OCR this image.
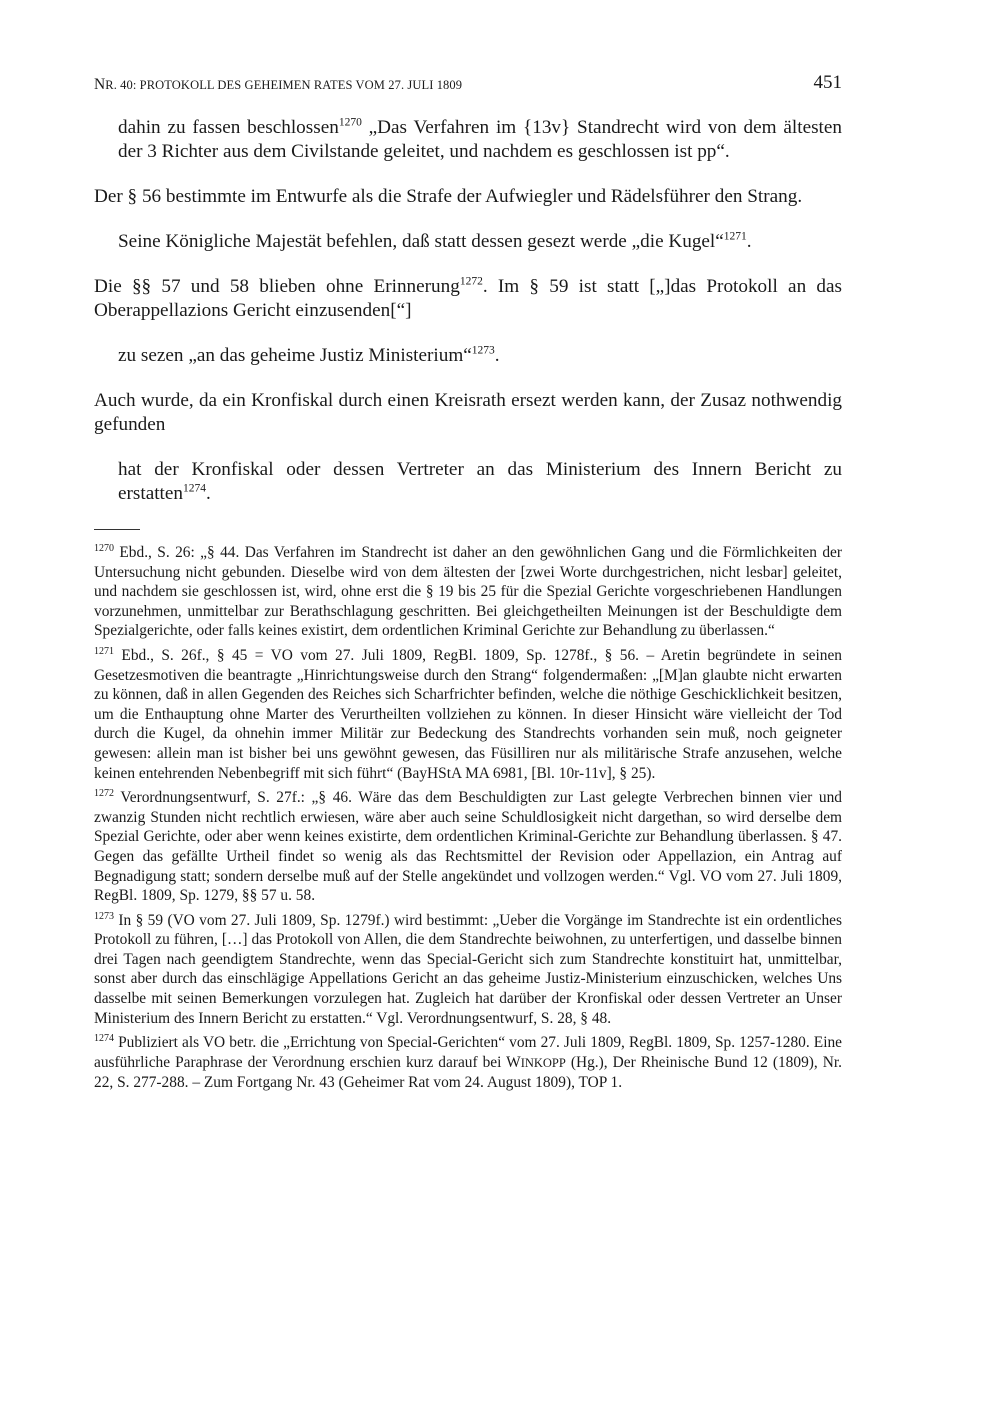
NR. 40: PROTOKOLL DES GEHEIMEN RATES VOM 27. JULI 1809	451

dahin zu fassen beschlossen$^{1270}$ „Das Verfahren im {13v} Standrecht wird von dem ältesten der 3 Richter aus dem Civilstande geleitet, und nachdem es geschlossen ist pp“.

Der § 56 bestimmte im Entwurfe als die Strafe der Aufwiegler und Rädelsführer den Strang.

Seine Königliche Majestät befehlen, daß statt dessen gesezt werde „die Kugel“$^{1271}$.

Die §§ 57 und 58 blieben ohne Erinnerung$^{1272}$. Im § 59 ist statt [„]das Protokoll an das Oberappellazions Gericht einzusenden[“]

zu sezen „an das geheime Justiz Ministerium“$^{1273}$.

Auch wurde, da ein Kronfiskal durch einen Kreisrath ersezt werden kann, der Zusaz nothwendig gefunden

hat der Kronfiskal oder dessen Vertreter an das Ministerium des Innern Bericht zu erstatten$^{1274}$.

$^{1270}$ Ebd., S. 26: „§ 44. Das Verfahren im Standrecht ist daher an den gewöhnlichen Gang und die Förmlichkeiten der Untersuchung nicht gebunden. Dieselbe wird von dem ältesten der [zwei Worte durchgestrichen, nicht lesbar] geleitet, und nachdem sie geschlossen ist, wird, ohne erst die § 19 bis 25 für die Spezial Gerichte vorgeschriebenen Handlungen vorzunehmen, unmittelbar zur Berathschlagung geschritten. Bei gleichgetheilten Meinungen ist der Beschuldigte dem Spezialgerichte, oder falls keines existirt, dem ordentlichen Kriminal Gerichte zur Behandlung zu überlassen.“

$^{1271}$ Ebd., S. 26f., § 45 = VO vom 27. Juli 1809, RegBl. 1809, Sp. 1278f., § 56. – Aretin begründete in seinen Gesetzesmotiven die beantragte „Hinrichtungsweise durch den Strang“ folgendermaßen: „[M]an glaubte nicht erwarten zu können, daß in allen Gegenden des Reiches sich Scharfrichter befinden, welche die nöthige Geschicklichkeit besitzen, um die Enthauptung ohne Marter des Verurtheilten vollziehen zu können. In dieser Hinsicht wäre vielleicht der Tod durch die Kugel, da ohnehin immer Militär zur Bedeckung des Standrechts vorhanden sein muß, noch geigneter gewesen: allein man ist bisher bei uns gewöhnt gewesen, das Füsilliren nur als militärische Strafe anzusehen, welche keinen entehrenden Nebenbegriff mit sich führt“ (BayHStA MA 6981, [Bl. 10r-11v], § 25).

$^{1272}$ Verordnungsentwurf, S. 27f.: „§ 46. Wäre das dem Beschuldigten zur Last gelegte Verbrechen binnen vier und zwanzig Stunden nicht rechtlich erwiesen, wäre aber auch seine Schuldlosigkeit nicht dargethan, so wird derselbe dem Spezial Gerichte, oder aber wenn keines existirte, dem ordentlichen Kriminal-Gerichte zur Behandlung überlassen. § 47. Gegen das gefällte Urtheil findet so wenig als das Rechtsmittel der Revision oder Appellazion, ein Antrag auf Begnadigung statt; sondern derselbe muß auf der Stelle angekündet und vollzogen werden.“ Vgl. VO vom 27. Juli 1809, RegBl. 1809, Sp. 1279, §§ 57 u. 58.

$^{1273}$ In § 59 (VO vom 27. Juli 1809, Sp. 1279f.) wird bestimmt: „Ueber die Vorgänge im Standrechte ist ein ordentliches Protokoll zu führen, […] das Protokoll von Allen, die dem Standrechte beiwohnen, zu unterfertigen, und dasselbe binnen drei Tagen nach geendigtem Standrechte, wenn das Special-Gericht sich zum Standrechte konstituirt hat, unmittelbar, sonst aber durch das einschlägige Appellations Gericht an das geheime Justiz-Ministerium einzuschicken, welches Uns dasselbe mit seinen Bemerkungen vorzulegen hat. Zugleich hat darüber der Kronfiskal oder dessen Vertreter an Unser Ministerium des Innern Bericht zu erstatten.“ Vgl. Verordnungsentwurf, S. 28, § 48.

$^{1274}$ Publiziert als VO betr. die „Errichtung von Special-Gerichten“ vom 27. Juli 1809, RegBl. 1809, Sp. 1257-1280. Eine ausführliche Paraphrase der Verordnung erschien kurz darauf bei WINKOPP (Hg.), Der Rheinische Bund 12 (1809), Nr. 22, S. 277-288. – Zum Fortgang Nr. 43 (Geheimer Rat vom 24. August 1809), TOP 1.
